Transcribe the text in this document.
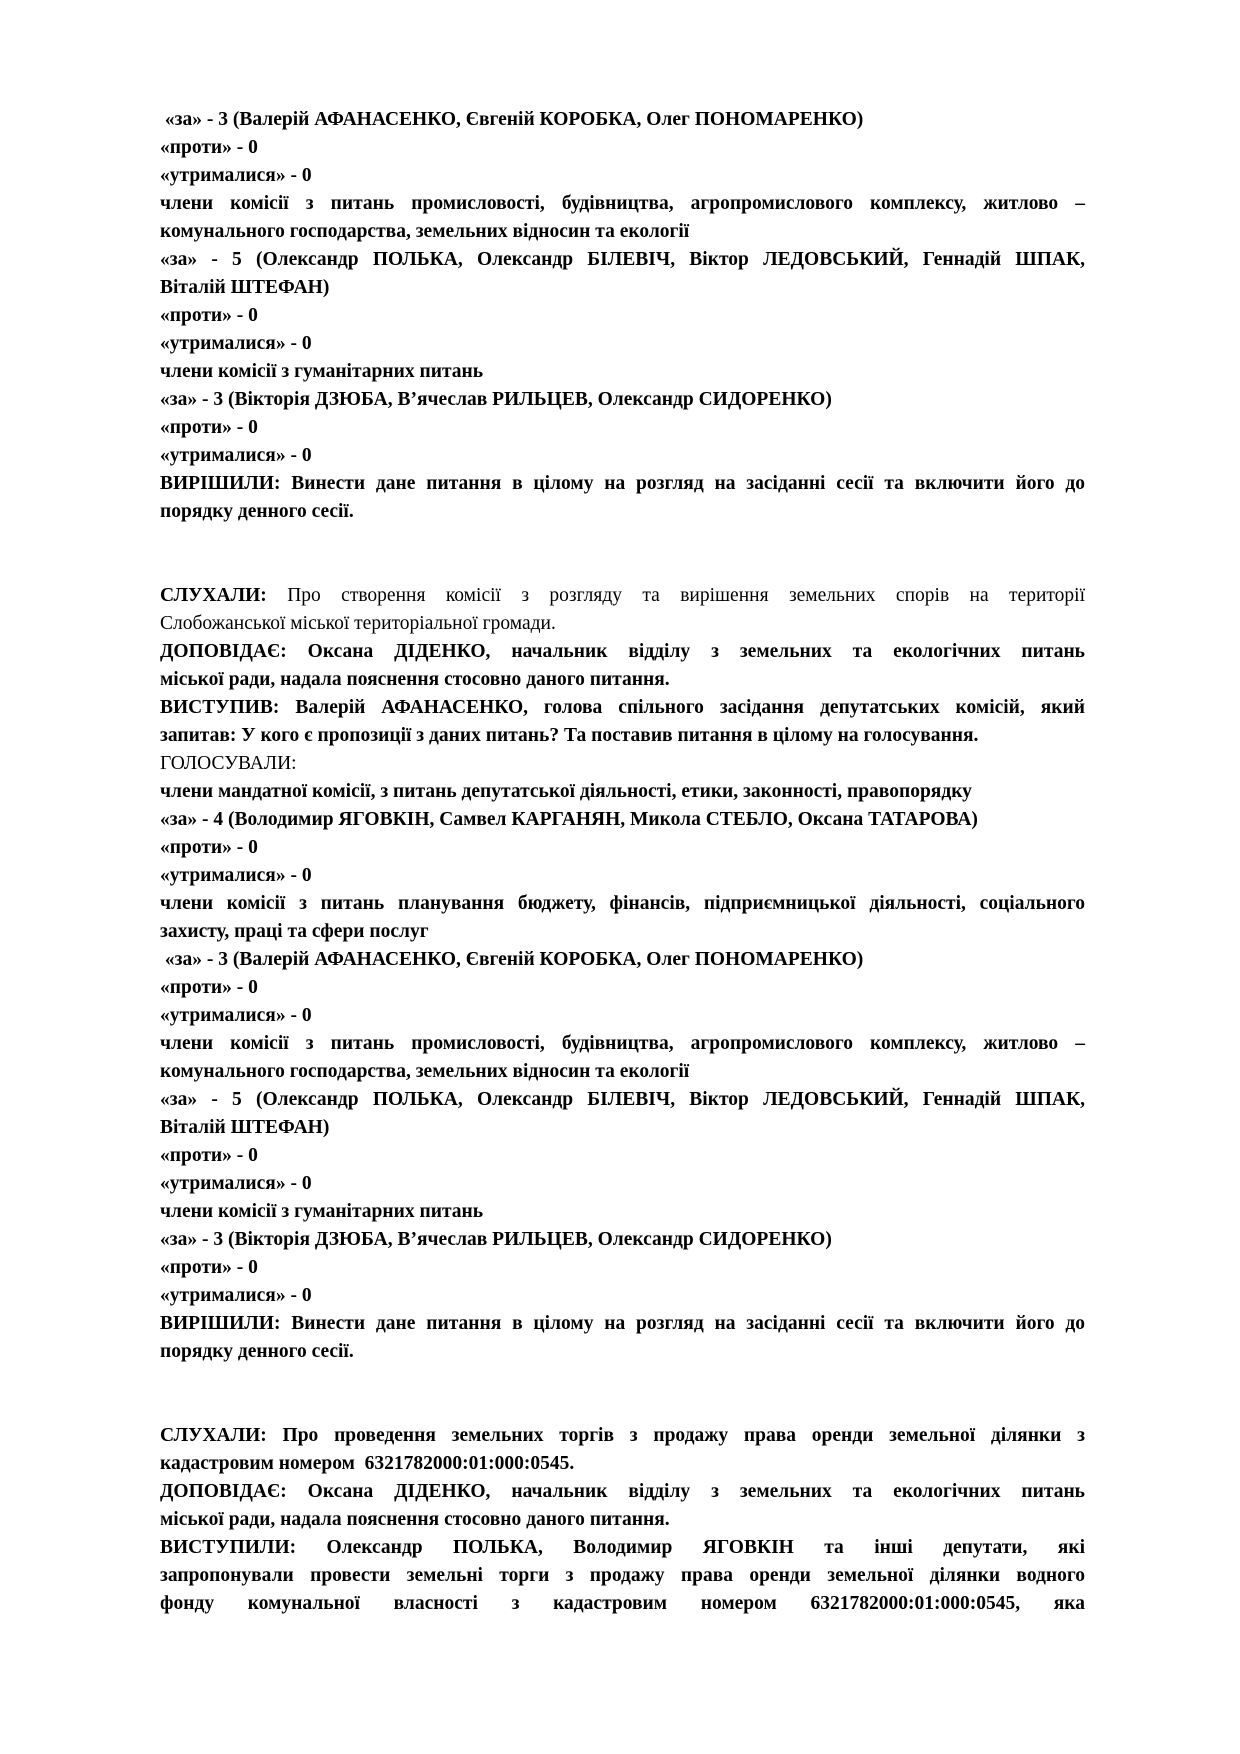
«за» - 3 (Валерій АФАНАСЕНКО, Євгеній КОРОБКА, Олег ПОНОМАРЕНКО)
«проти» - 0
«утрималися» - 0
члени комісії з питань промисловості, будівництва, агропромислового комплексу, житлово –
комунального господарства, земельних відносин та екології
«за» - 5 (Олександр ПОЛЬКА, Олександр БІЛЕВІЧ, Віктор ЛЕДОВСЬКИЙ, Геннадій ШПАК,
Віталій ШТЕФАН)
«проти» - 0
«утрималися» - 0
члени комісії з гуманітарних питань
«за» - 3 (Вікторія ДЗЮБА, В’ячеслав РИЛЬЦЕВ, Олександр СИДОРЕНКО)
«проти» - 0
«утрималися» - 0
ВИРІШИЛИ: Винести дане питання в цілому на розгляд на засіданні сесії та включити його до
порядку денного сесії.

СЛУХАЛИ: Про створення комісії з розгляду та вирішення земельних спорів на території
Слобожанської міської територіальної громади.
ДОПОВІДАЄ: Оксана ДІДЕНКО, начальник відділу з земельних та екологічних питань
міської ради, надала пояснення стосовно даного питання.
ВИСТУПИВ: Валерій АФАНАСЕНКО, голова спільного засідання депутатських комісій, який
запитав: У кого є пропозиції з даних питань? Та поставив питання в цілому на голосування.
ГОЛОСУВАЛИ:
члени мандатної комісії, з питань депутатської діяльності, етики, законності, правопорядку
«за» - 4 (Володимир ЯГОВКІН, Самвел КАРГАНЯН, Микола СТЕБЛО, Оксана ТАТАРОВА)
«проти» - 0
«утрималися» - 0
члени комісії з питань планування бюджету, фінансів, підприємницької діяльності, соціального
захисту, праці та сфери послуг
«за» - 3 (Валерій АФАНАСЕНКО, Євгеній КОРОБКА, Олег ПОНОМАРЕНКО)
«проти» - 0
«утрималися» - 0
члени комісії з питань промисловості, будівництва, агропромислового комплексу, житлово –
комунального господарства, земельних відносин та екології
«за» - 5 (Олександр ПОЛЬКА, Олександр БІЛЕВІЧ, Віктор ЛЕДОВСЬКИЙ, Геннадій ШПАК,
Віталій ШТЕФАН)
«проти» - 0
«утрималися» - 0
члени комісії з гуманітарних питань
«за» - 3 (Вікторія ДЗЮБА, В’ячеслав РИЛЬЦЕВ, Олександр СИДОРЕНКО)
«проти» - 0
«утрималися» - 0
ВИРІШИЛИ: Винести дане питання в цілому на розгляд на засіданні сесії та включити його до
порядку денного сесії.

СЛУХАЛИ: Про проведення земельних торгів з продажу права оренди земельної ділянки з
кадастровим номером  6321782000:01:000:0545.
ДОПОВІДАЄ: Оксана ДІДЕНКО, начальник відділу з земельних та екологічних питань
міської ради, надала пояснення стосовно даного питання.
ВИСТУПИЛИ: Олександр ПОЛЬКА, Володимир ЯГОВКІН та інші депутати, які
запропонували провести земельні торги з продажу права оренди земельної ділянки водного
фонду комунальної власності з кадастровим номером 6321782000:01:000:0545, яка
